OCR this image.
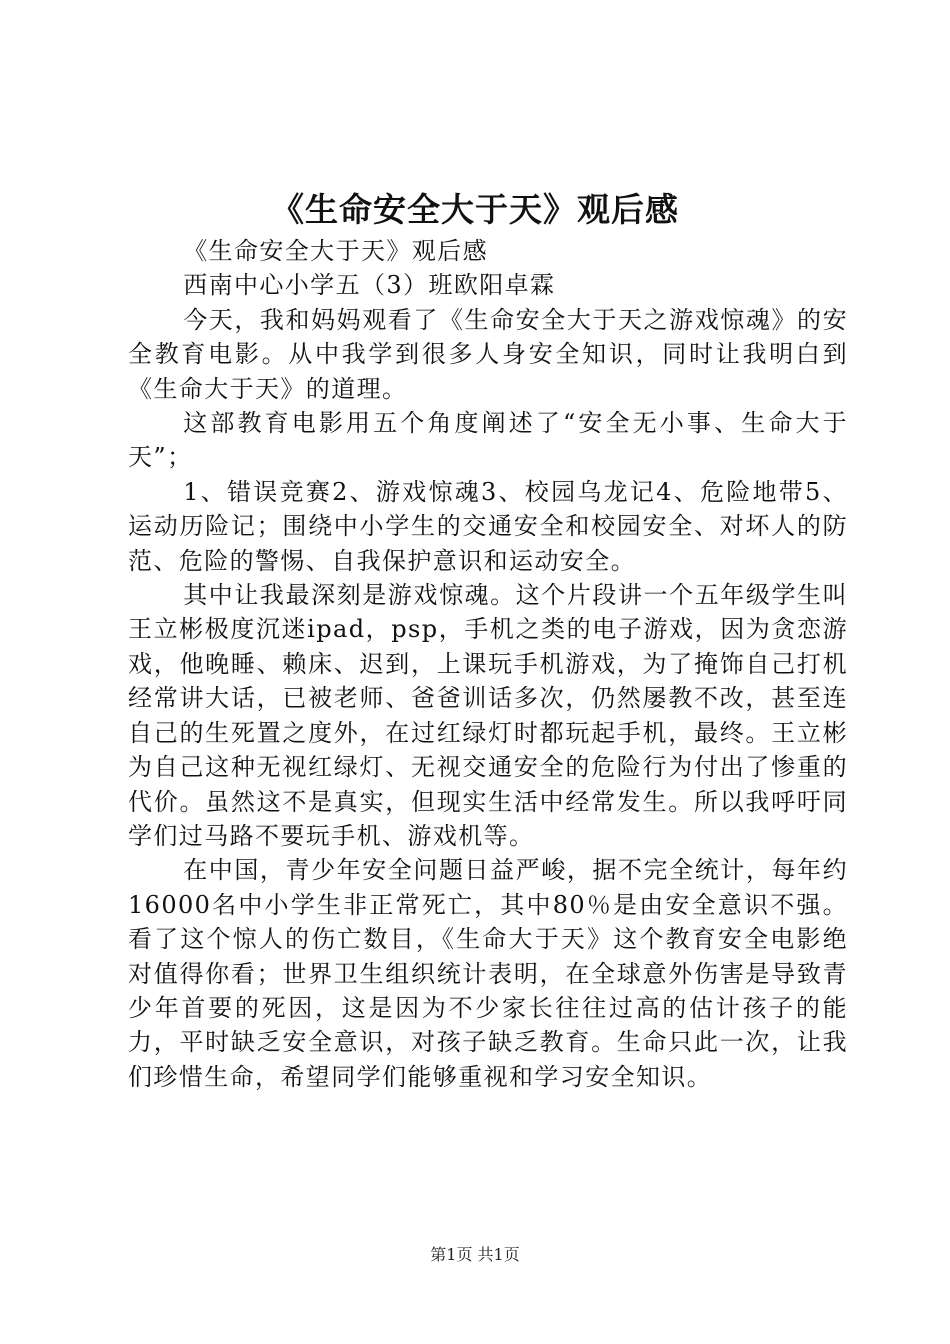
《生命安全大于天》观后感

《生命安全大于天》观后感

西南中心小学五（3）班欧阳卓霖

今天，我和妈妈观看了《生命安全大于天之游戏惊魂》的安全教育电影。从中我学到很多人身安全知识，同时让我明白到《生命大于天》的道理。

这部教育电影用五个角度阐述了“安全无小事、生命大于天”；

1、错误竞赛2、游戏惊魂3、校园乌龙记4、危险地带5、运动历险记；围绕中小学生的交通安全和校园安全、对坏人的防范、危险的警惕、自我保护意识和运动安全。

其中让我最深刻是游戏惊魂。这个片段讲一个五年级学生叫王立彬极度沉迷ipad，psp，手机之类的电子游戏，因为贪恋游戏，他晚睡、赖床、迟到，上课玩手机游戏，为了掩饰自己打机经常讲大话，已被老师、爸爸训话多次，仍然屡教不改，甚至连自己的生死置之度外，在过红绿灯时都玩起手机，最终。王立彬为自己这种无视红绿灯、无视交通安全的危险行为付出了惨重的代价。虽然这不是真实，但现实生活中经常发生。所以我呼吁同学们过马路不要玩手机、游戏机等。

在中国，青少年安全问题日益严峻，据不完全统计，每年约16000名中小学生非正常死亡，其中80％是由安全意识不强。看了这个惊人的伤亡数目，《生命大于天》这个教育安全电影绝对值得你看；世界卫生组织统计表明，在全球意外伤害是导致青少年首要的死因，这是因为不少家长往往过高的估计孩子的能力，平时缺乏安全意识，对孩子缺乏教育。生命只此一次，让我们珍惜生命，希望同学们能够重视和学习安全知识。

第1页 共1页
